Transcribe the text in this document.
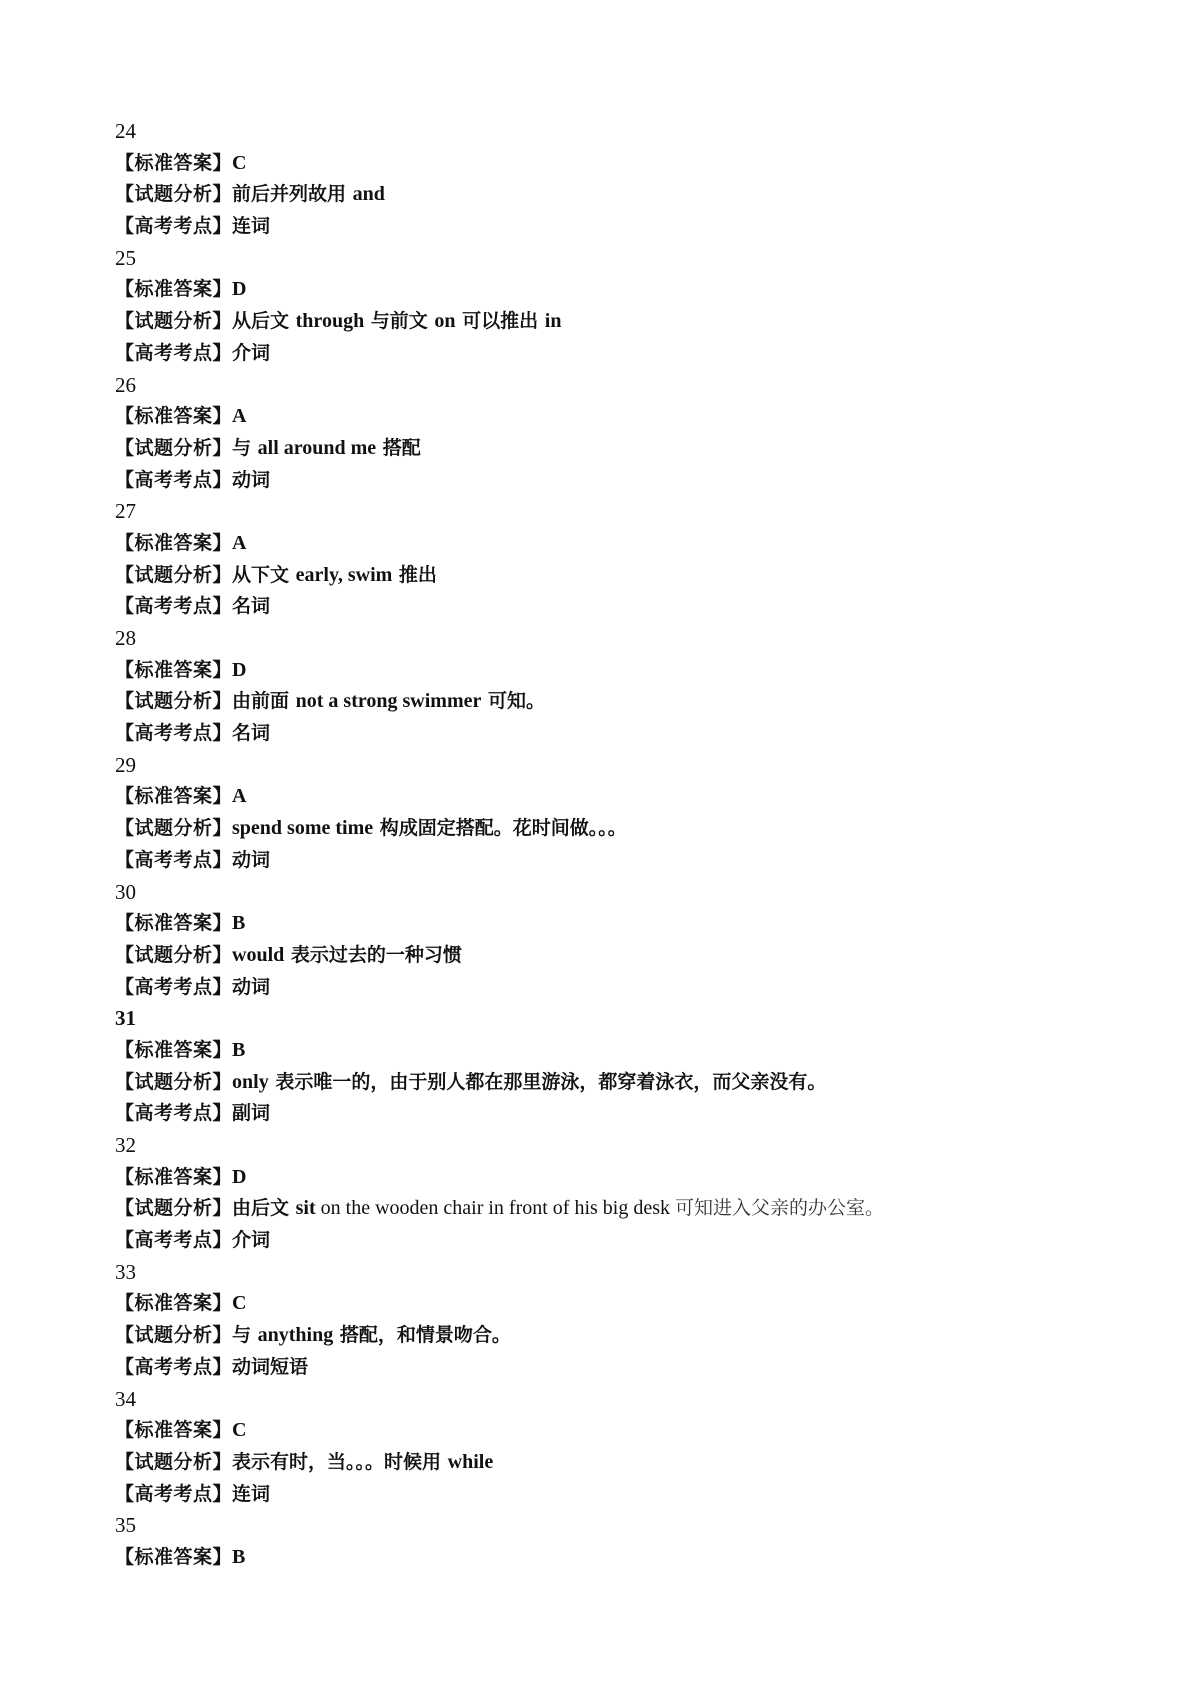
24
【标准答案】C
【试题分析】前后并列故用 and
【高考考点】连词
25
【标准答案】D
【试题分析】从后文 through 与前文 on 可以推出 in
【高考考点】介词
26
【标准答案】A
【试题分析】与 all around me 搭配
【高考考点】动词
27
【标准答案】A
【试题分析】从下文 early, swim 推出
【高考考点】名词
28
【标准答案】D
【试题分析】由前面 not a strong swimmer 可知。
【高考考点】名词
29
【标准答案】A
【试题分析】spend some time 构成固定搭配。花时间做。。。
【高考考点】动词
30
【标准答案】B
【试题分析】would 表示过去的一种习惯
【高考考点】动词
31
【标准答案】B
【试题分析】only 表示唯一的，由于别人都在那里游泳，都穿着泳衣，而父亲没有。
【高考考点】副词
32
【标准答案】D
【试题分析】由后文 sit on the wooden chair in front of his big desk 可知进入父亲的办公室。
【高考考点】介词
33
【标准答案】C
【试题分析】与 anything 搭配，和情景吻合。
【高考考点】动词短语
34
【标准答案】C
【试题分析】表示有时，当。。。时候用 while
【高考考点】连词
35
【标准答案】B
